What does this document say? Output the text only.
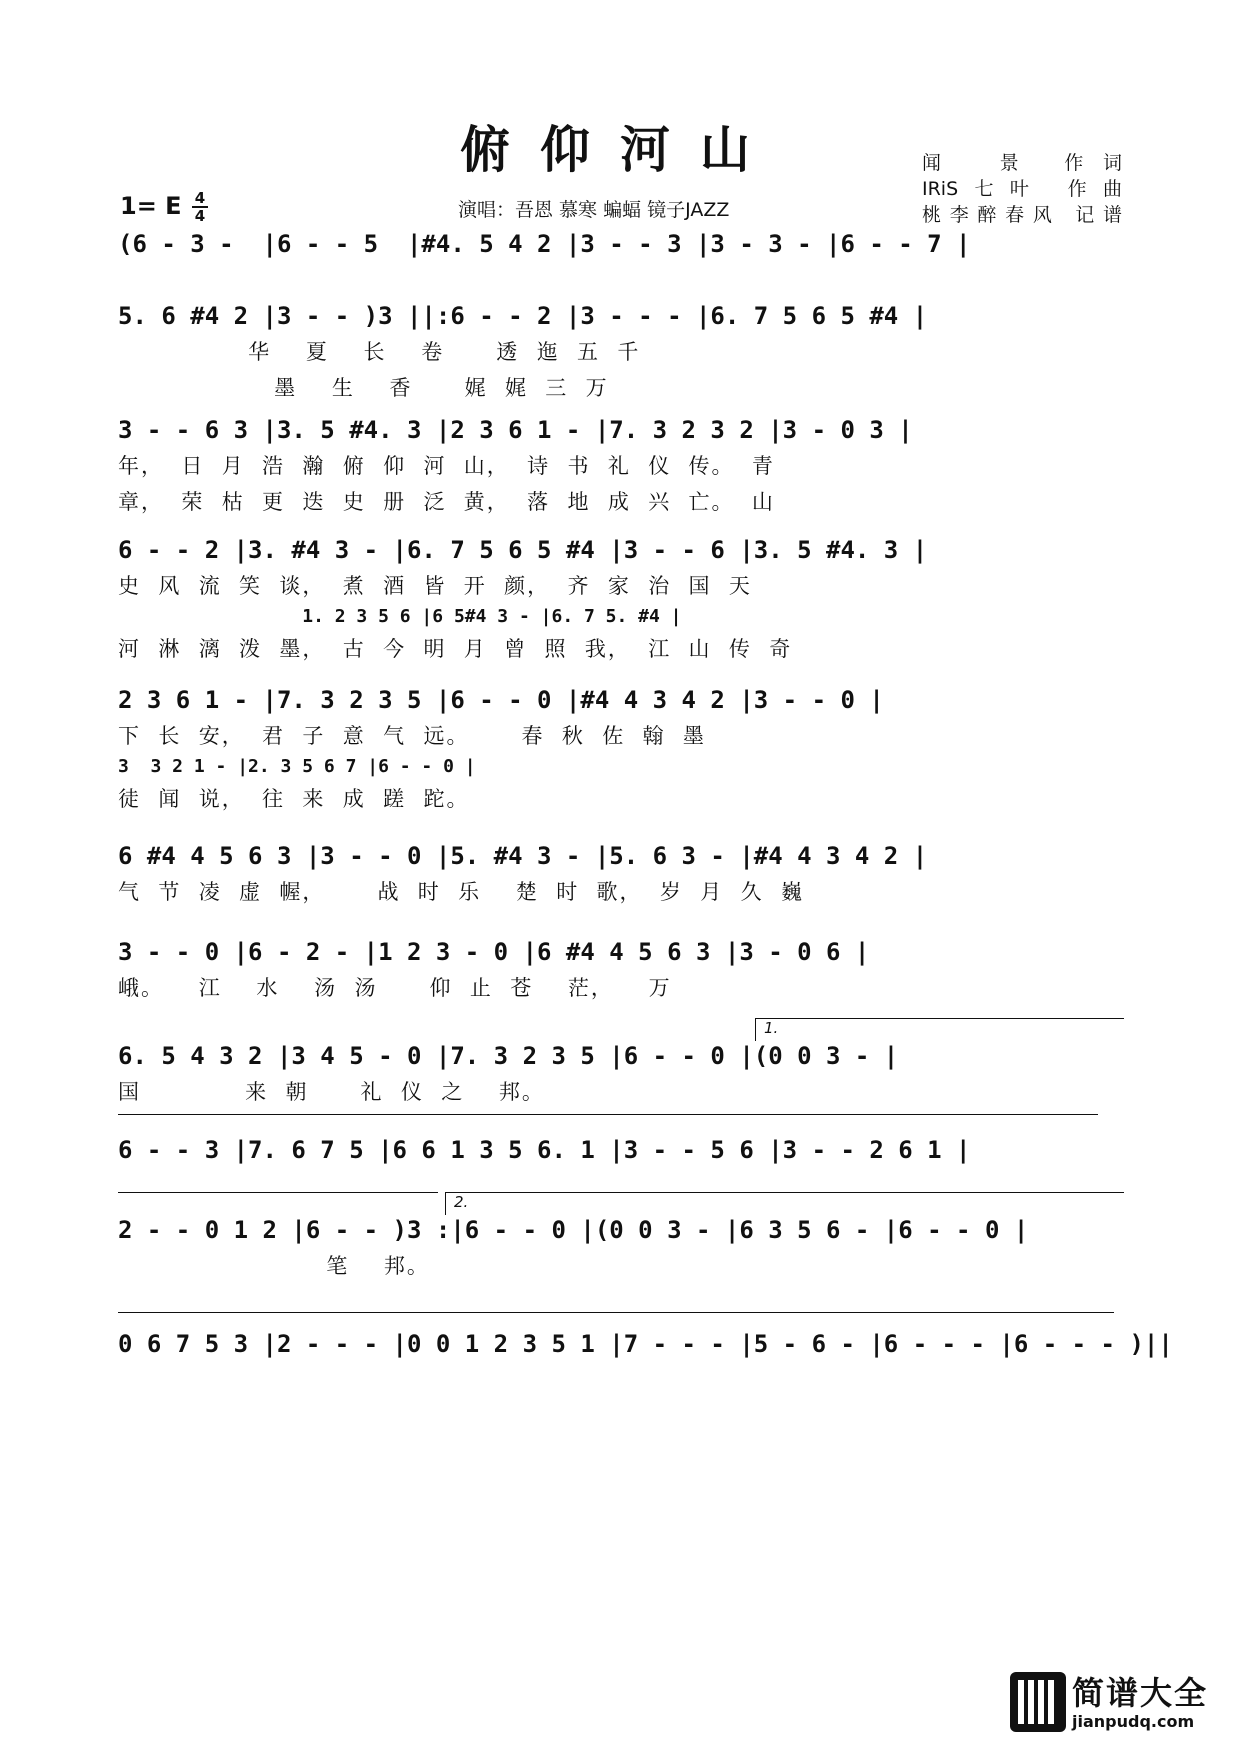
俯仰河山	闻　景 作词
IRiS七叶 作曲
桃李醉春风 记谱
演唱：吾恩 慕寒 蝙蝠 镜子JAZZ
1= E 4
4
(6 - 3 -  |6 - - 5  |#4. 5 4 2 |3 - - 3 |3 - 3 - |6 - - 7 |
5. 6 #4 2 |3 - - )3 ||:6 - - 2 |3 - - - |6. 7 5 6 5 #4 |
华    夏    长    卷      透  迤  五  千
墨    生    香      娓  娓  三  万
3 - - 6 3 |3. 5 #4. 3 |2 3 6 1 - |7. 3 2 3 2 |3 - 0 3 |
年，  日  月  浩  瀚  俯  仰  河  山，  诗  书  礼  仪  传。  青
章，  荣  枯  更  迭  史  册  泛  黄，  落  地  成  兴  亡。  山
6 - - 2 |3. #4 3 - |6. 7 5 6 5 #4 |3 - - 6 |3. 5 #4. 3 |
史  风  流  笑  谈，  煮  酒  皆  开  颜，  齐  家  治  国  天
1. 2 3 5 6 |6 5#4 3 - |6. 7 5. #4 |
河  淋  漓  泼  墨，  古  今  明  月  曾  照  我，  江  山  传  奇
2 3 6 1 - |7. 3 2 3 5 |6 - - 0 |#4 4 3 4 2 |3 - - 0 |
下  长  安，  君  子  意  气  远。      春  秋  佐  翰  墨
3  3 2 1 - |2. 3 5 6 7 |6 - - 0 |
徒  闻  说，  往  来  成  蹉  跎。
6 #4 4 5 6 3 |3 - - 0 |5. #4 3 - |5. 6 3 - |#4 4 3 4 2 |
气  节  凌  虚  幄，      战  时  乐    楚  时  歌，  岁  月  久  巍
3 - - 0 |6 - 2 - |1 2 3 - 0 |6 #4 4 5 6 3 |3 - 0 6 |
峨。    江    水    汤  汤      仰  止  苍    茫，    万
6. 5 4 3 2 |3 4 5 - 0 |7. 3 2 3 5 |6 - - 0 |(0 0 3 - |
国            来  朝      礼  仪  之    邦。
6 - - 3 |7. 6 7 5 |6 6 1 3 5 6. 1 |3 - - 5 6 |3 - - 2 6 1 |
2 - - 0 1 2 |6 - - )3 :|6 - - 0 |(0 0 3 - |6 3 5 6 - |6 - - 0 |
笔    邦。
0 6 7 5 3 |2 - - - |0 0 1 2 3 5 1 |7 - - - |5 - 6 - |6 - - - |6 - - - )||
简谱大全
jianpudq.com
1.
2.
